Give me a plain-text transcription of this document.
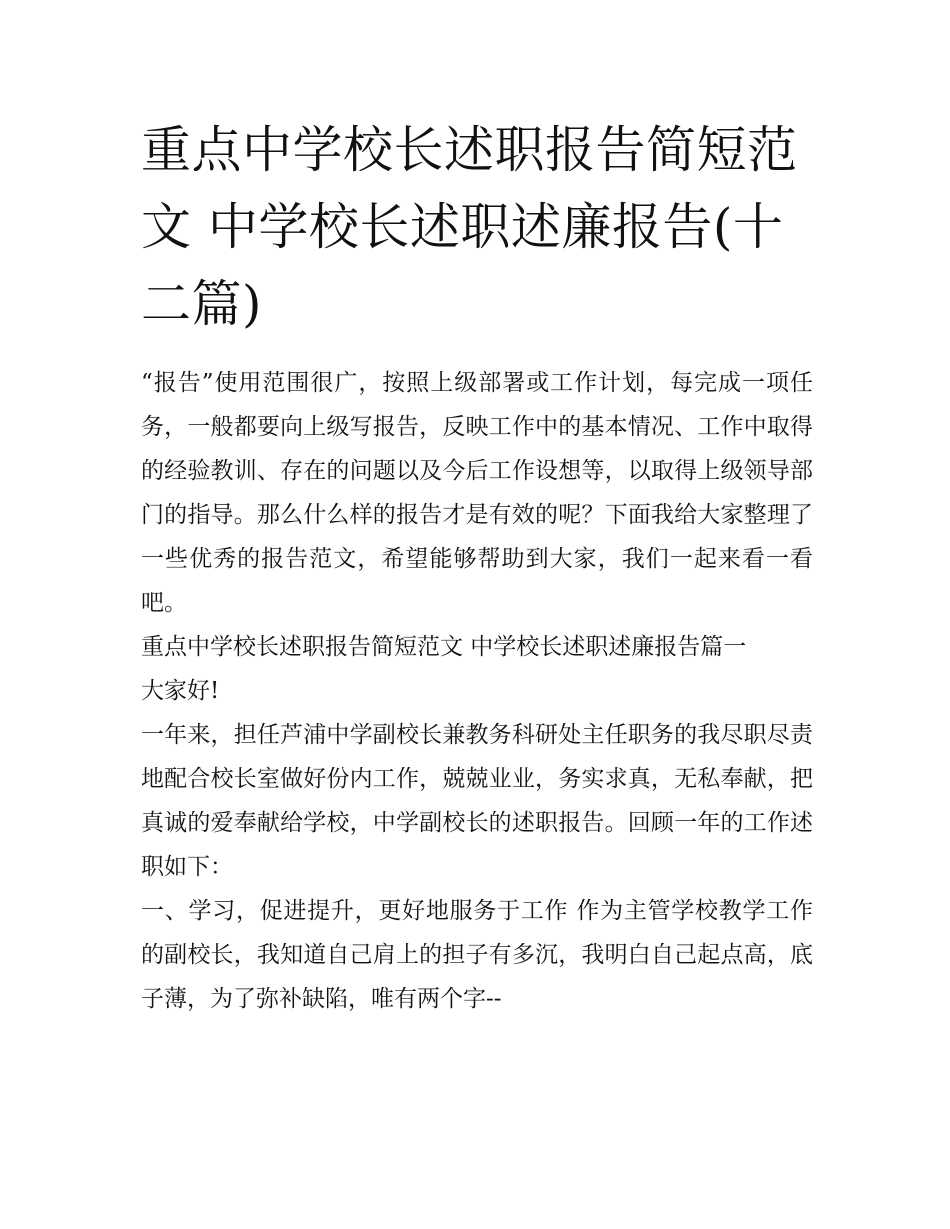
重点中学校长述职报告简短范文 中学校长述职述廉报告(十二篇)

“报告”使用范围很广，按照上级部署或工作计划，每完成一项任务，一般都要向上级写报告，反映工作中的基本情况、工作中取得的经验教训、存在的问题以及今后工作设想等，以取得上级领导部门的指导。那么什么样的报告才是有效的呢？下面我给大家整理了一些优秀的报告范文，希望能够帮助到大家，我们一起来看一看吧。

重点中学校长述职报告简短范文 中学校长述职述廉报告篇一

大家好!

一年来，担任芦浦中学副校长兼教务科研处主任职务的我尽职尽责地配合校长室做好份内工作，兢兢业业，务实求真，无私奉献，把真诚的爱奉献给学校，中学副校长的述职报告。回顾一年的工作述职如下：

一、学习，促进提升，更好地服务于工作 作为主管学校教学工作的副校长，我知道自己肩上的担子有多沉，我明白自己起点高，底子薄，为了弥补缺陷，唯有两个字--
